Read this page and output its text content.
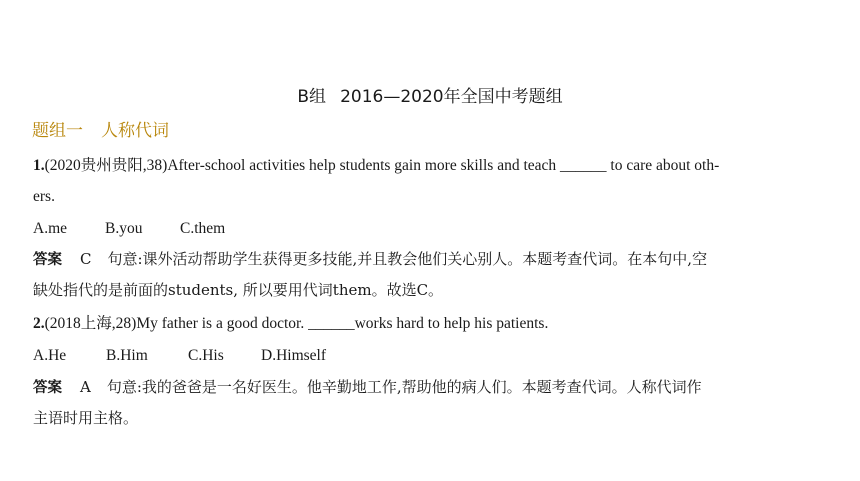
B组 2016—2020年全国中考题组
题组一 人称代词
1.(2020贵州贵阳,38)After-school activities help students gain more skills and teach ______ to care about oth-
ers.
A.me B.you C.them
答案 C 句意:课外活动帮助学生获得更多技能,并且教会他们关心别人。本题考查代词。在本句中,空
缺处指代的是前面的students, 所以要用代词them。故选C。
2.(2018上海,28)My father is a good doctor. ______works hard to help his patients.
A.He	B.Him	C.His D.Himself
答案 A 句意:我的爸爸是一名好医生。他辛勤地工作,帮助他的病人们。本题考查代词。人称代词作
主语时用主格。
